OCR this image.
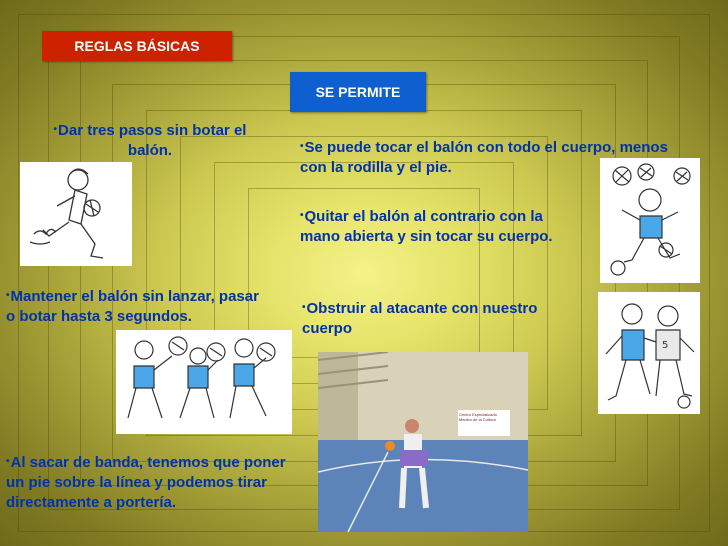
REGLAS BÁSICAS
SE PERMITE
•Dar tres pasos sin botar el balón.	•Se puede tocar el balón con todo el cuerpo, menos con la rodilla y el pie.
•Quitar el balón al contrario con la mano abierta y sin tocar su cuerpo.
•Mantener el balón sin lanzar, pasar o botar hasta 3 segundos.
•Obstruir al atacante con nuestro cuerpo
•Al sacar de banda, tenemos que poner un pie sobre la línea y podemos tirar directamente a portería.
5
Centro Especializado Médico de la Cultura
